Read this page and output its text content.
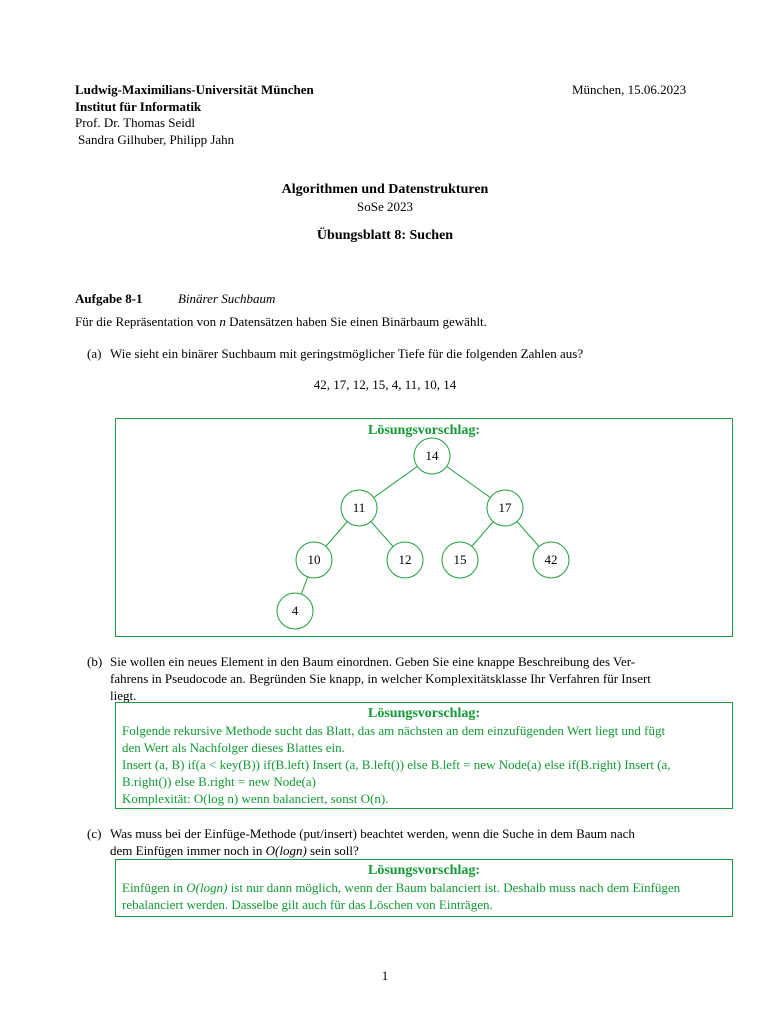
Ludwig-Maximilians-Universität München	München, 15.06.2023
Institut für Informatik
Prof. Dr. Thomas Seidl
Sandra Gilhuber, Philipp Jahn
Algorithmen und Datenstrukturen
SoSe 2023
Übungsblatt 8: Suchen
Aufgabe 8-1	Binärer Suchbaum
Für die Repräsentation von n Datensätzen haben Sie einen Binärbaum gewählt.
(a) Wie sieht ein binärer Suchbaum mit geringstmöglicher Tiefe für die folgenden Zahlen aus?
42, 17, 12, 15, 4, 11, 10, 14
Lösungsvorschlag:
14
11	17
10	12	15	42
4
(b) Sie wollen ein neues Element in den Baum einordnen. Geben Sie eine knappe Beschreibung des Ver-
fahrens in Pseudocode an. Begründen Sie knapp, in welcher Komplexitätsklasse Ihr Verfahren für Insert
liegt.
Lösungsvorschlag:

Folgende rekursive Methode sucht das Blatt, das am nächsten an dem einzufügenden Wert liegt und fügt

den Wert als Nachfolger dieses Blattes ein.

Insert (a, B) if(a < key(B)) if(B.left) Insert (a, B.left()) else B.left = new Node(a) else if(B.right) Insert (a,

B.right()) else B.right = new Node(a)

Komplexität: O(log n) wenn balanciert, sonst O(n).

(c) Was muss bei der Einfüge-Methode (put/insert) beachtet werden, wenn die Suche in dem Baum nach
dem Einfügen immer noch in O(logn) sein soll?
Lösungsvorschlag:

Einfügen in O(logn) ist nur dann möglich, wenn der Baum balanciert ist. Deshalb muss nach dem Einfügen

rebalanciert werden. Dasselbe gilt auch für das Löschen von Einträgen.

1
